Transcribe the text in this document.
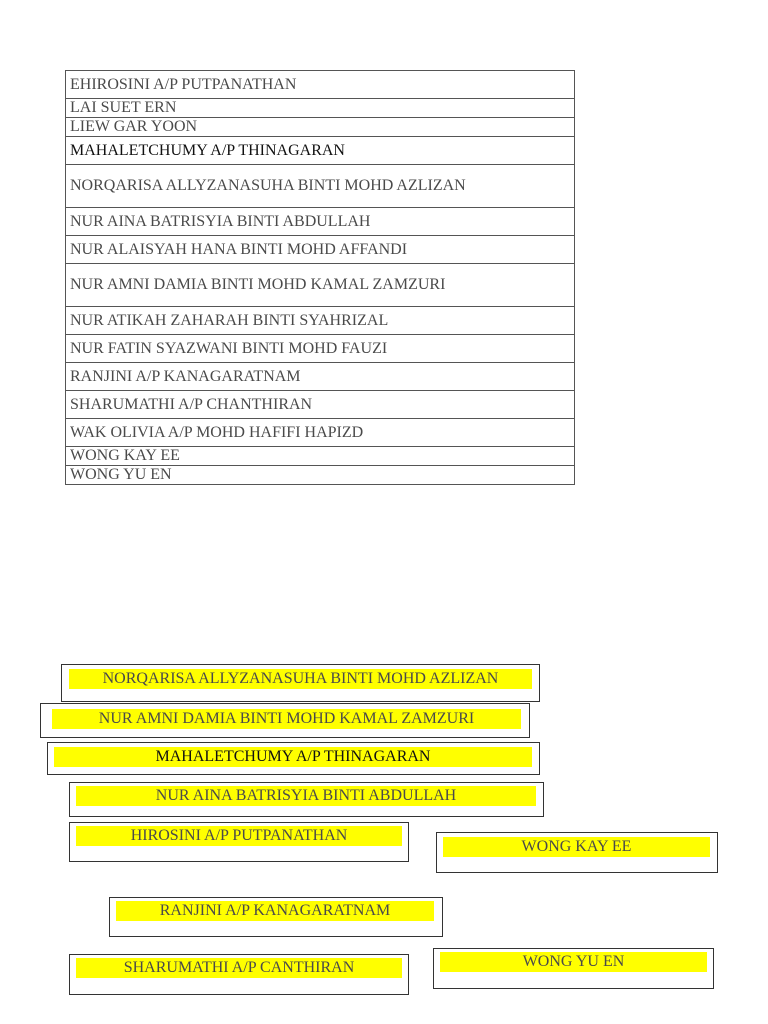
EHIROSINI A/P PUTPANATHAN
LAI SUET ERN
LIEW GAR YOON
MAHALETCHUMY A/P THINAGARAN
NORQARISA ALLYZANASUHA BINTI MOHD AZLIZAN
NUR AINA BATRISYIA BINTI ABDULLAH
NUR ALAISYAH HANA BINTI MOHD AFFANDI
NUR AMNI DAMIA BINTI MOHD KAMAL ZAMZURI
NUR ATIKAH ZAHARAH BINTI SYAHRIZAL
NUR FATIN SYAZWANI BINTI MOHD FAUZI
RANJINI A/P KANAGARATNAM
SHARUMATHI A/P CHANTHIRAN
WAK OLIVIA A/P MOHD HAFIFI HAPIZD
WONG KAY EE
WONG YU EN
NORQARISA ALLYZANASUHA BINTI MOHD AZLIZAN
NUR AMNI DAMIA BINTI MOHD KAMAL ZAMZURI
MAHALETCHUMY A/P THINAGARAN
NUR AINA BATRISYIA BINTI ABDULLAH
HIROSINI A/P PUTPANATHAN
WONG KAY EE
RANJINI A/P KANAGARATNAM
SHARUMATHI A/P CANTHIRAN	WONG YU EN
